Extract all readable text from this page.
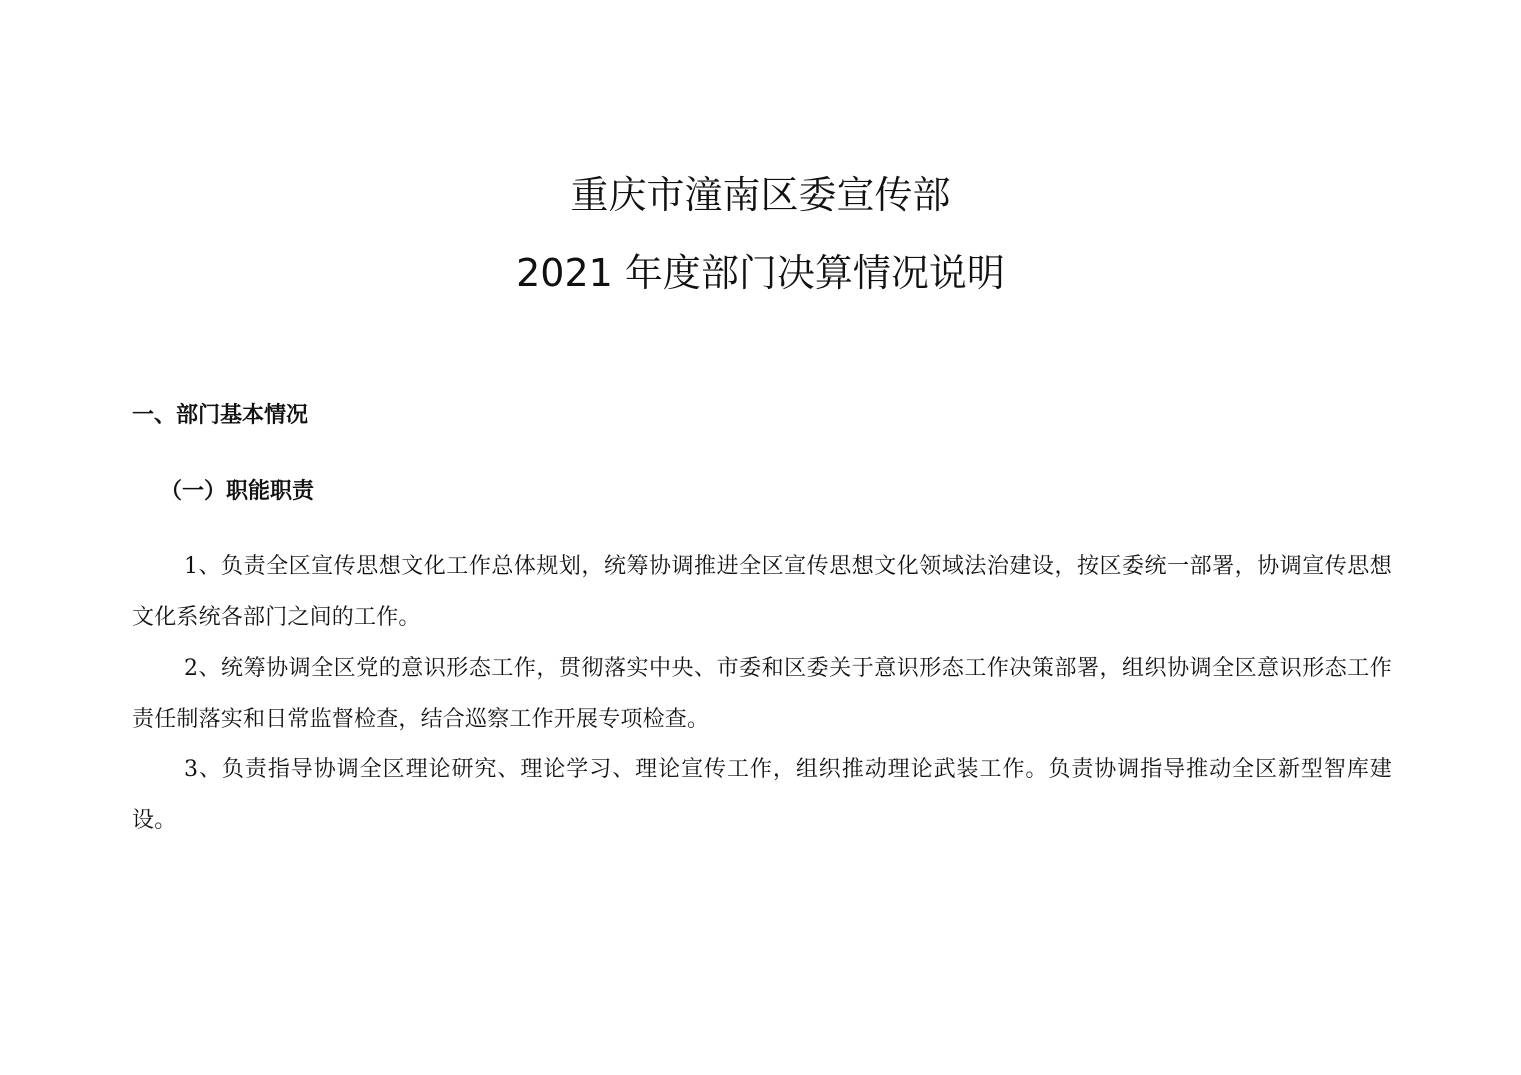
重庆市潼南区委宣传部
2021 年度部门决算情况说明
一、部门基本情况
（一）职能职责
1、负责全区宣传思想文化工作总体规划，统筹协调推进全区宣传思想文化领域法治建设，按区委统一部署，协调宣传思想文化系统各部门之间的工作。
2、统筹协调全区党的意识形态工作，贯彻落实中央、市委和区委关于意识形态工作决策部署，组织协调全区意识形态工作责任制落实和日常监督检查，结合巡察工作开展专项检查。
3、负责指导协调全区理论研究、理论学习、理论宣传工作，组织推动理论武装工作。负责协调指导推动全区新型智库建设。
